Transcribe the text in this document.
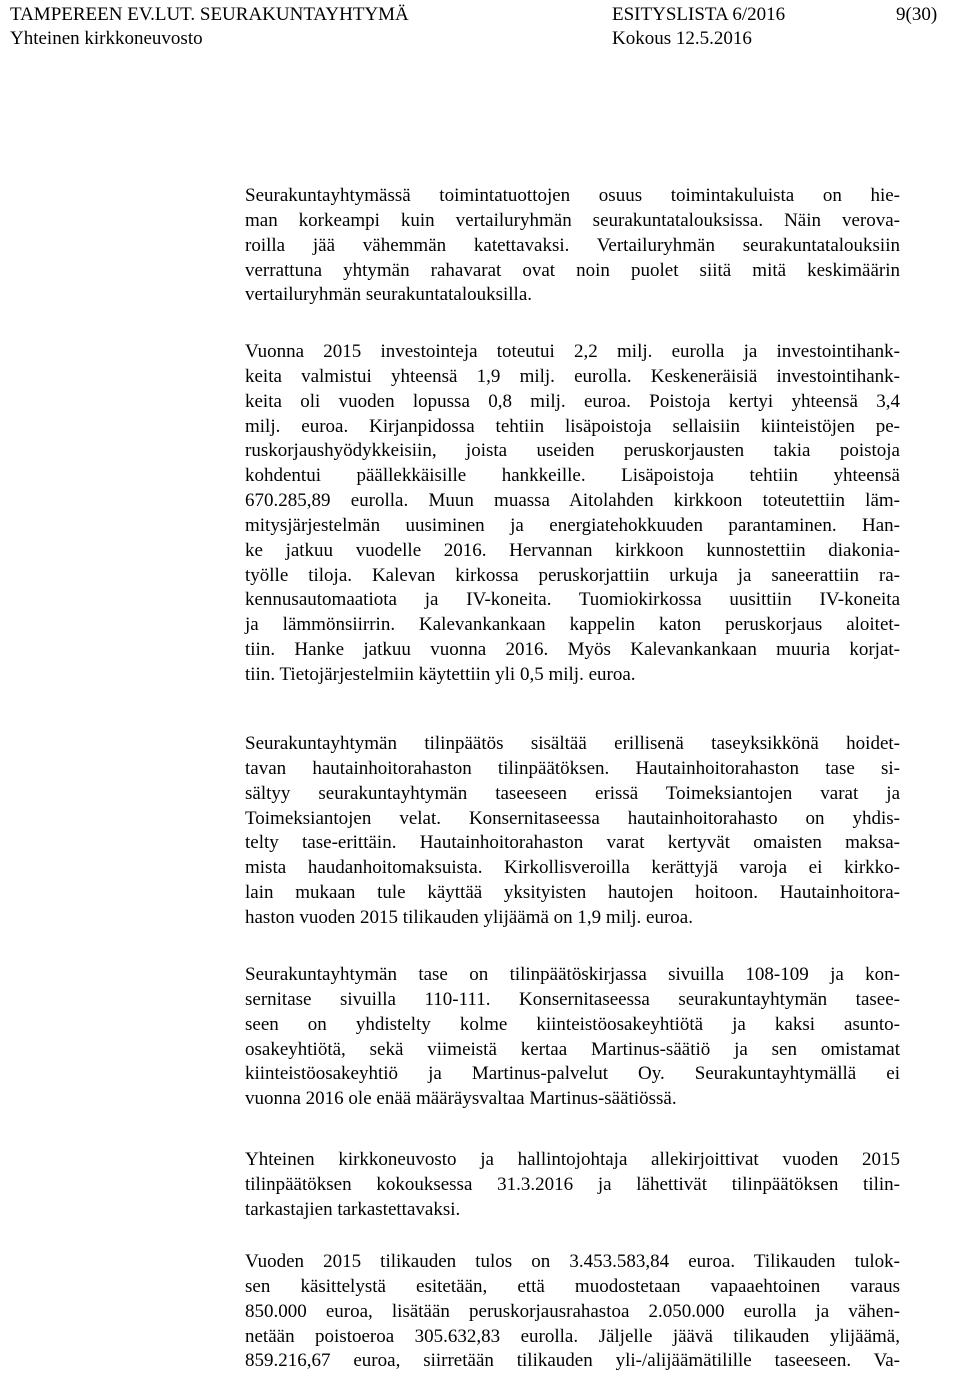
TAMPEREEN EV.LUT. SEURAKUNTAYHTYMÄ
Yhteinen kirkkoneuvosto
ESITYSLISTA 6/2016
Kokous 12.5.2016
9(30)
Seurakuntayhtymässä toimintatuottojen osuus toimintakuluista on hie-
man korkeampi kuin vertailuryhmän seurakuntatalouksissa. Näin verova-
roilla jää vähemmän katettavaksi. Vertailuryhmän seurakuntatalouksiin
verrattuna yhtymän rahavarat ovat noin puolet siitä mitä keskimäärin
vertailuryhmän seurakuntatalouksilla.
Vuonna 2015 investointeja toteutui 2,2 milj. eurolla ja investointihank-
keita valmistui yhteensä 1,9 milj. eurolla. Keskeneräisiä investointihank-
keita oli vuoden lopussa 0,8 milj. euroa. Poistoja kertyi yhteensä 3,4
milj. euroa. Kirjanpidossa tehtiin lisäpoistoja sellaisiin kiinteistöjen pe-
ruskorjaushyödykkeisiin, joista useiden peruskorjausten takia poistoja
kohdentui päällekkäisille hankkeille. Lisäpoistoja tehtiin yhteensä
670.285,89 eurolla. Muun muassa Aitolahden kirkkoon toteutettiin läm-
mitysjärjestelmän uusiminen ja energiatehokkuuden parantaminen. Han-
ke jatkuu vuodelle 2016. Hervannan kirkkoon kunnostettiin diakonia-
työlle tiloja. Kalevan kirkossa peruskorjattiin urkuja ja saneerattiin ra-
kennusautomaatiota ja IV-koneita. Tuomiokirkossa uusittiin IV-koneita
ja lämmönsiirrin. Kalevankankaan kappelin katon peruskorjaus aloitet-
tiin. Hanke jatkuu vuonna 2016. Myös Kalevankankaan muuria korjat-
tiin. Tietojärjestelmiin käytettiin yli 0,5 milj. euroa.
Seurakuntayhtymän tilinpäätös sisältää erillisenä taseyksikkönä hoidet-
tavan hautainhoitorahaston tilinpäätöksen. Hautainhoitorahaston tase si-
sältyy seurakuntayhtymän taseeseen erissä Toimeksiantojen varat ja
Toimeksiantojen velat. Konsernitaseessa hautainhoitorahasto on yhdis-
telty tase-erittäin. Hautainhoitorahaston varat kertyvät omaisten maksa-
mista haudanhoitomaksuista. Kirkollisveroilla kerättyjä varoja ei kirkko-
lain mukaan tule käyttää yksityisten hautojen hoitoon. Hautainhoitora-
haston vuoden 2015 tilikauden ylijäämä on 1,9 milj. euroa.
Seurakuntayhtymän tase on tilinpäätöskirjassa sivuilla 108-109 ja kon-
sernitase sivuilla 110-111. Konsernitaseessa seurakuntayhtymän tasee-
seen on yhdistelty kolme kiinteistöosakeyhtiötä ja kaksi asunto-
osakeyhtiötä, sekä viimeistä kertaa Martinus-säätiö ja sen omistamat
kiinteistöosakeyhtiö ja Martinus-palvelut Oy. Seurakuntayhtymällä ei
vuonna 2016 ole enää määräysvaltaa Martinus-säätiössä.
Yhteinen kirkkoneuvosto ja hallintojohtaja allekirjoittivat vuoden 2015
tilinpäätöksen kokouksessa 31.3.2016 ja lähettivät tilinpäätöksen tilin-
tarkastajien tarkastettavaksi.
Vuoden 2015 tilikauden tulos on 3.453.583,84 euroa. Tilikauden tulok-
sen käsittelystä esitetään, että muodostetaan vapaaehtoinen varaus
850.000 euroa, lisätään peruskorjausrahastoa 2.050.000 eurolla ja vähen-
netään poistoeroa 305.632,83 eurolla. Jäljelle jäävä tilikauden ylijäämä,
859.216,67 euroa, siirretään tilikauden yli-/alijäämätilille taseeseen. Va-
